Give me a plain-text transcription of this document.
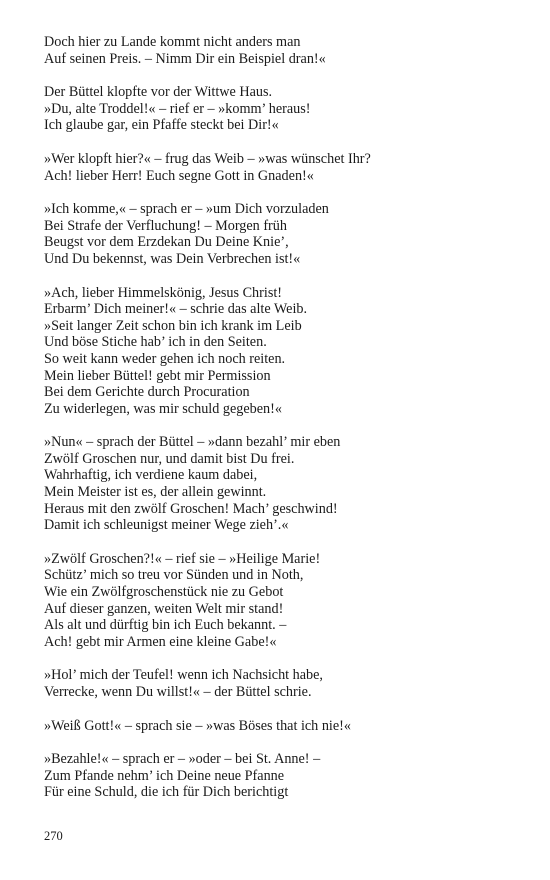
Doch hier zu Lande kommt nicht anders man
Auf seinen Preis. – Nimm Dir ein Beispiel dran!«
Der Büttel klopfte vor der Wittwe Haus.
»Du, alte Troddel!« – rief er – »komm’ heraus!
Ich glaube gar, ein Pfaffe steckt bei Dir!«
»Wer klopft hier?« – frug das Weib – »was wünschet Ihr?
Ach! lieber Herr! Euch segne Gott in Gnaden!«
»Ich komme,« – sprach er – »um Dich vorzuladen
Bei Strafe der Verfluchung! – Morgen früh
Beugst vor dem Erzdekan Du Deine Knie’,
Und Du bekennst, was Dein Verbrechen ist!«
»Ach, lieber Himmelskönig, Jesus Christ!
Erbarm’ Dich meiner!« – schrie das alte Weib.
»Seit langer Zeit schon bin ich krank im Leib
Und böse Stiche hab’ ich in den Seiten.
So weit kann weder gehen ich noch reiten.
Mein lieber Büttel! gebt mir Permission
Bei dem Gerichte durch Procuration
Zu widerlegen, was mir schuld gegeben!«
»Nun« – sprach der Büttel – »dann bezahl’ mir eben
Zwölf Groschen nur, und damit bist Du frei.
Wahrhaftig, ich verdiene kaum dabei,
Mein Meister ist es, der allein gewinnt.
Heraus mit den zwölf Groschen! Mach’ geschwind!
Damit ich schleunigst meiner Wege zieh’.«
»Zwölf Groschen?!« – rief sie – »Heilige Marie!
Schütz’ mich so treu vor Sünden und in Noth,
Wie ein Zwölfgroschenstück nie zu Gebot
Auf dieser ganzen, weiten Welt mir stand!
Als alt und dürftig bin ich Euch bekannt. –
Ach! gebt mir Armen eine kleine Gabe!«
»Hol’ mich der Teufel! wenn ich Nachsicht habe,
Verrecke, wenn Du willst!« – der Büttel schrie.
»Weiß Gott!« – sprach sie – »was Böses that ich nie!«
»Bezahle!« – sprach er – »oder – bei St. Anne! –
Zum Pfande nehm’ ich Deine neue Pfanne
Für eine Schuld, die ich für Dich berichtigt
270
